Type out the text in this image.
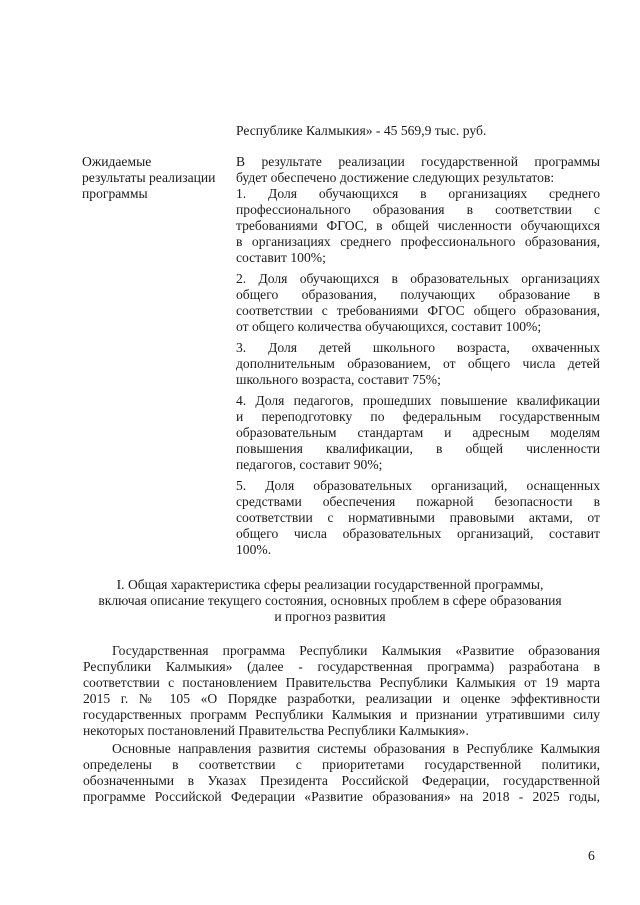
Республике Калмыкия» - 45 569,9 тыс. руб.
Ожидаемые
результаты реализации
программы
В результате реализации государственной программы
будет обеспечено достижение следующих результатов:
1. Доля обучающихся в организациях среднего
профессионального образования в соответствии с
требованиями ФГОС, в общей численности обучающихся
в организациях среднего профессионального образования,
составит 100%;
2. Доля обучающихся в образовательных организациях
общего образования, получающих образование в
соответствии с требованиями ФГОС общего образования,
от общего количества обучающихся, составит 100%;
3. Доля детей школьного возраста, охваченных
дополнительным образованием, от общего числа детей
школьного возраста, составит 75%;
4. Доля педагогов, прошедших повышение квалификации
и переподготовку по федеральным государственным
образовательным стандартам и адресным моделям
повышения квалификации, в общей численности
педагогов, составит 90%;
5. Доля образовательных организаций, оснащенных
средствами обеспечения пожарной безопасности в
соответствии с нормативными правовыми актами, от
общего числа образовательных организаций, составит
100%.
I. Общая характеристика сферы реализации государственной программы,
включая описание текущего состояния, основных проблем в сфере образования
и прогноз развития
Государственная программа Республики Калмыкия «Развитие образования
Республики Калмыкия» (далее - государственная программа) разработана в
соответствии с постановлением Правительства Республики Калмыкия от 19 марта
2015 г. № 105 «О Порядке разработки, реализации и оценке эффективности
государственных программ Республики Калмыкия и признании утратившими силу
некоторых постановлений Правительства Республики Калмыкия».
Основные направления развития системы образования в Республике Калмыкия
определены в соответствии с приоритетами государственной политики,
обозначенными в Указах Президента Российской Федерации, государственной
программе Российской Федерации «Развитие образования» на 2018 - 2025 годы,
6
